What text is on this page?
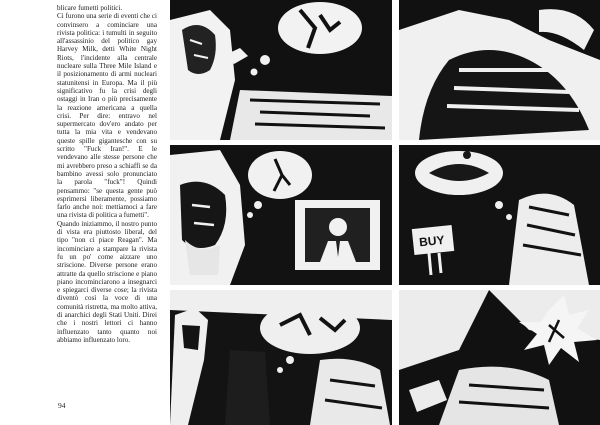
blicare fumetti politici.

Ci furono una serie di eventi che ci convinsero a cominciare una rivista politica: i tumulti in seguito all'assassinio del politico gay Harvey Milk, detti White Night Riots, l'incidente alla centrale nucleare sulla Three Mile Island e il posizionamento di armi nucleari statunitensi in Europa. Ma il più significativo fu la crisi degli ostaggi in Iran o più precisamente la reazione americana a quella crisi. Per dire: entravo nel supermercato dov'ero andato per tutta la mia vita e vendevano queste spille gigantesche con su scritto "Fuck Iran!". E le vendevano alle stesse persone che mi avrebbero preso a schiaffi se da bambino avessi solo pronunciato la parola "fuck"! Quindi pensammo: "se questa gente può esprimersi liberamente, possiamo farlo anche noi: mettiamoci a fare una rivista di politica a fumetti".

Quando iniziammo, il nostro punto di vista era piuttosto liberal, del tipo "non ci piace Reagan". Ma incominciare a stampare la rivista fu un po' come aizzare uno striscione. Diverse persone erano attratte da quello striscione e piano piano incominciarono a insegnarci e spiegarci diverse cose; la rivista diventò così la voce di una comunità ristretta, ma molto attiva, di anarchici degli Stati Uniti. Direi che i nostri lettori ci hanno influenzato tanto quanto noi abbiamo influenzato loro.

94
BUY
